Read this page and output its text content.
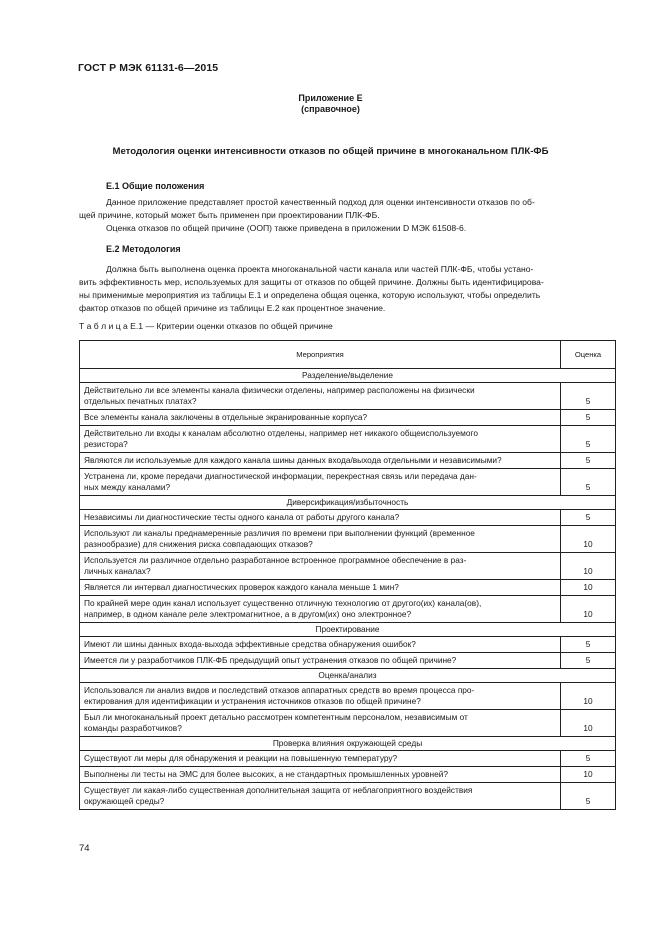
ГОСТ Р МЭК 61131-6—2015
Приложение Е
(справочное)
Методология оценки интенсивности отказов по общей причине в многоканальном ПЛК-ФБ
Е.1 Общие положения
Данное приложение представляет простой качественный подход для оценки интенсивности отказов по об-
щей причине, который может быть применен при проектировании ПЛК-ФБ.
Оценка отказов по общей причине (ООП) также приведена в приложении D МЭК 61508-6.
Е.2 Методология
Должна быть выполнена оценка проекта многоканальной части канала или частей ПЛК-ФБ, чтобы устано-
вить эффективность мер, используемых для защиты от отказов по общей причине. Должны быть идентифицирова-
ны применимые мероприятия из таблицы Е.1 и определена общая оценка, которую используют, чтобы определить
фактор отказов по общей причине из таблицы Е.2 как процентное значение.
Т а б л и ц а Е.1 — Критерии оценки отказов по общей причине
Мероприятия	Оценка
Разделение/выделение	

Действительно ли все элементы канала физически отделены, например расположены на физически
отдельных печатных платах?	5

Все элементы канала заключены в отдельные экранированные корпуса?	5

Действительно ли входы к каналам абсолютно отделены, например нет никакого общеиспользуемого
резистора?	5

Являются ли используемые для каждого канала шины данных входа/выхода отдельными и независимыми?	5

Устранена ли, кроме передачи диагностической информации, перекрестная связь или передача дан-
ных между каналами?	5
Диверсификация/избыточность	

Независимы ли диагностические тесты одного канала от работы другого канала?	5

Используют ли каналы преднамеренные различия по времени при выполнении функций (временное
разнообразие) для снижения риска совпадающих отказов?	10

Используется ли различное отдельно разработанное встроенное программное обеспечение в раз-
личных каналах?	10

Является ли интервал диагностических проверок каждого канала меньше 1 мин?	10

По крайней мере один канал использует существенно отличную технологию от другого(их) канала(ов),
например, в одном канале реле электромагнитное, а в другом(их) оно электронное?	10
Проектирование	

Имеют ли шины данных входа-выхода эффективные средства обнаружения ошибок?	5

Имеется ли у разработчиков ПЛК-ФБ предыдущий опыт устранения отказов по общей причине?	5
Оценка/анализ	

Использовался ли анализ видов и последствий отказов аппаратных средств во время процесса про-
ектирования для идентификации и устранения источников отказов по общей причине?	10

Был ли многоканальный проект детально рассмотрен компетентным персоналом, независимым от
команды разработчиков?	10
Проверка влияния окружающей среды	

Существуют ли меры для обнаружения и реакции на повышенную температуру?	5

Выполнены ли тесты на ЭМС для более высоких, а не стандартных промышленных уровней?	10

Существует ли какая-либо существенная дополнительная защита от неблагоприятного воздействия
окружающей среды?	5
74
